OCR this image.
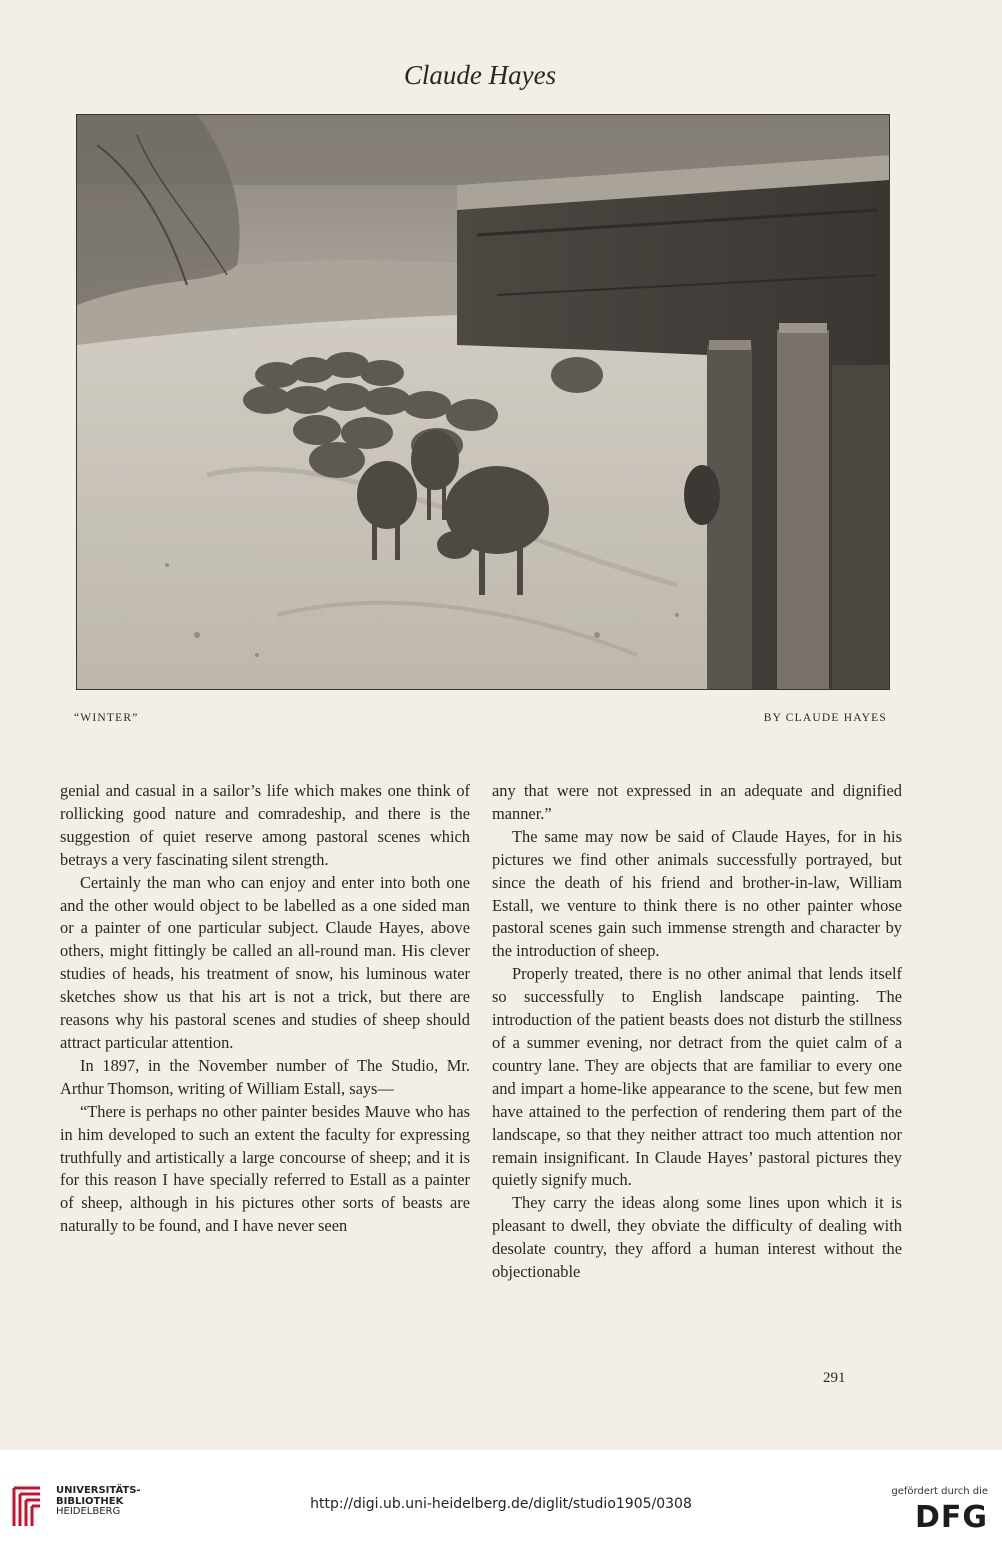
Claude Hayes
“WINTER”	BY CLAUDE HAYES

genial and casual in a sailor’s life which makes one think of rollicking good nature and comradeship, and there is the suggestion of quiet reserve among pastoral scenes which betrays a very fascinating silent strength.

Certainly the man who can enjoy and enter into both one and the other would object to be labelled as a one sided man or a painter of one particular subject. Claude Hayes, above others, might fittingly be called an all-round man. His clever studies of heads, his treatment of snow, his luminous water sketches show us that his art is not a trick, but there are reasons why his pastoral scenes and studies of sheep should attract particular attention.

In 1897, in the November number of The Studio, Mr. Arthur Thomson, writing of William Estall, says—

“There is perhaps no other painter besides Mauve who has in him developed to such an extent the faculty for expressing truthfully and artistically a large concourse of sheep; and it is for this reason I have specially referred to Estall as a painter of sheep, although in his pictures other sorts of beasts are naturally to be found, and I have never seen

any that were not expressed in an adequate and dignified manner.”

The same may now be said of Claude Hayes, for in his pictures we find other animals successfully portrayed, but since the death of his friend and brother-in-law, William Estall, we venture to think there is no other painter whose pastoral scenes gain such immense strength and character by the introduction of sheep.

Properly treated, there is no other animal that lends itself so successfully to English landscape painting. The introduction of the patient beasts does not disturb the stillness of a summer evening, nor detract from the quiet calm of a country lane. They are objects that are familiar to every one and impart a home-like appearance to the scene, but few men have attained to the perfection of rendering them part of the landscape, so that they neither attract too much attention nor remain insignificant. In Claude Hayes’ pastoral pictures they quietly signify much.

They carry the ideas along some lines upon which it is pleasant to dwell, they obviate the difficulty of dealing with desolate country, they afford a human interest without the objectionable

291
UNIVERSITÄTS-
BIBLIOTHEK
HEIDELBERG	http://digi.ub.uni-heidelberg.de/diglit/studio1905/0308
gefördert durch die
DFG
